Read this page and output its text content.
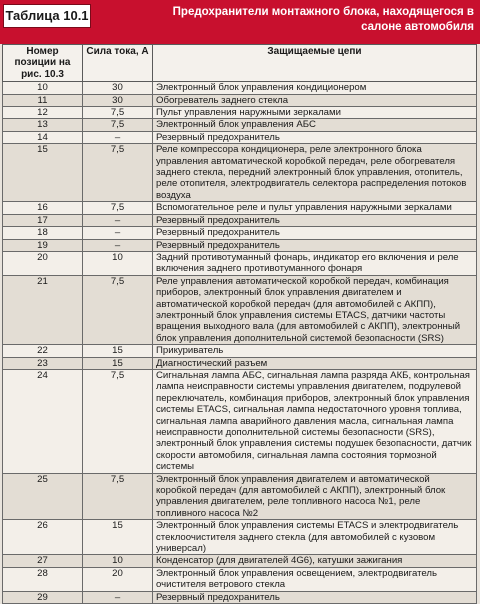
Таблица 10.1	Предохранители монтажного блока, находящегося в салоне автомобиля
Номер позиции на рис. 10.3	Сила тока, А	Защищаемые цепи
10	30	Электронный блок управления кондиционером
11	30	Обогреватель заднего стекла
12	7,5	Пульт управления наружными зеркалами
13	7,5	Электронный блок управления АБС
14	–	Резервный предохранитель
15	7,5	Реле компрессора кондиционера, реле электронного блока управления автоматической коробкой передач, реле обогревателя заднего стекла, передний электронный блок управления, отопитель, реле отопителя, электродвигатель селектора распределения потоков воздуха
16	7,5	Вспомогательное реле и пульт управления наружными зеркалами
17	–	Резервный предохранитель
18	–	Резервный предохранитель
19	–	Резервный предохранитель
20	10	Задний противотуманный фонарь, индикатор его включения и реле включения заднего противотуманного фонаря
21	7,5	Реле управления автоматической коробкой передач, комбинация приборов, электронный блок управления двигателем и автоматической коробкой передач (для автомобилей с АКПП), электронный блок управления системы ETACS, датчики частоты вращения выходного вала (для автомобилей с АКПП), электронный блок управления дополнительной системой безопасности (SRS)
22	15	Прикуриватель
23	15	Диагностический разъем
24	7,5	Сигнальная лампа АБС, сигнальная лампа разряда АКБ, контрольная лампа неисправности системы управления двигателем, подрулевой переключатель, комбинация приборов, электронный блок управления системы ETACS, сигнальная лампа недостаточного уровня топлива, сигнальная лампа аварийного давления масла, сигнальная лампа неисправности дополнительной системы безопасности (SRS), электронный блок управления системы подушек безопасности, датчик скорости автомобиля, сигнальная лампа состояния тормозной системы
25	7,5	Электронный блок управления двигателем и автоматической коробкой передач (для автомобилей с АКПП), электронный блок управления двигателем, реле топливного насоса №1, реле топливного насоса №2
26	15	Электронный блок управления системы ETACS и электродвигатель стеклоочистителя заднего стекла (для автомобилей с кузовом универсал)
27	10	Конденсатор (для двигателей 4G6), катушки зажигания
28	20	Электронный блок управления освещением, электродвигатель очистителя ветрового стекла
29	–	Резервный предохранитель
